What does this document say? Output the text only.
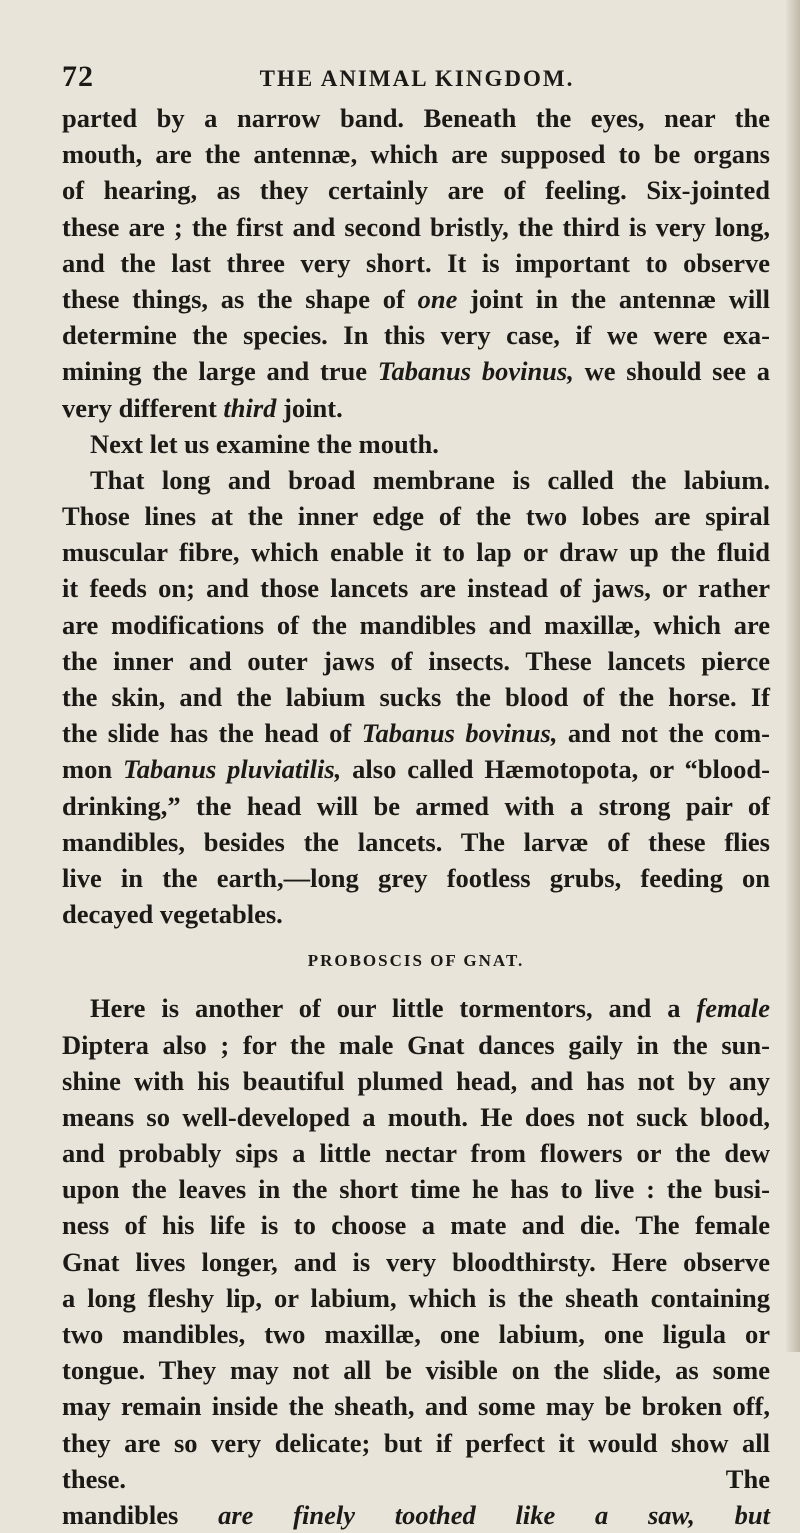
72	THE ANIMAL KINGDOM.
parted by a narrow band. Beneath the eyes, near the
mouth, are the antennæ, which are supposed to be organs
of hearing, as they certainly are of feeling. Six-jointed
these are ; the first and second bristly, the third is very long,
and the last three very short. It is important to observe
these things, as the shape of one joint in the antennæ will
determine the species. In this very case, if we were exa-
mining the large and true Tabanus bovinus, we should see a
very different third joint.
Next let us examine the mouth.
That long and broad membrane is called the labium.
Those lines at the inner edge of the two lobes are spiral
muscular fibre, which enable it to lap or draw up the fluid
it feeds on; and those lancets are instead of jaws, or rather
are modifications of the mandibles and maxillæ, which are
the inner and outer jaws of insects. These lancets pierce
the skin, and the labium sucks the blood of the horse. If
the slide has the head of Tabanus bovinus, and not the com-
mon Tabanus pluviatilis, also called Hæmotopota, or “blood-
drinking,” the head will be armed with a strong pair of
mandibles, besides the lancets. The larvæ of these flies
live in the earth,—long grey footless grubs, feeding on
decayed vegetables.
PROBOSCIS OF GNAT.
Here is another of our little tormentors, and a female
Diptera also ; for the male Gnat dances gaily in the sun-
shine with his beautiful plumed head, and has not by any
means so well-developed a mouth. He does not suck blood,
and probably sips a little nectar from flowers or the dew
upon the leaves in the short time he has to live : the busi-
ness of his life is to choose a mate and die. The female
Gnat lives longer, and is very bloodthirsty. Here observe
a long fleshy lip, or labium, which is the sheath containing
two mandibles, two maxillæ, one labium, one ligula or
tongue. They may not all be visible on the slide, as some
may remain inside the sheath, and some may be broken off,
they are so very delicate; but if perfect it would show all
these. The
mandibles are finely toothed like a saw, but
